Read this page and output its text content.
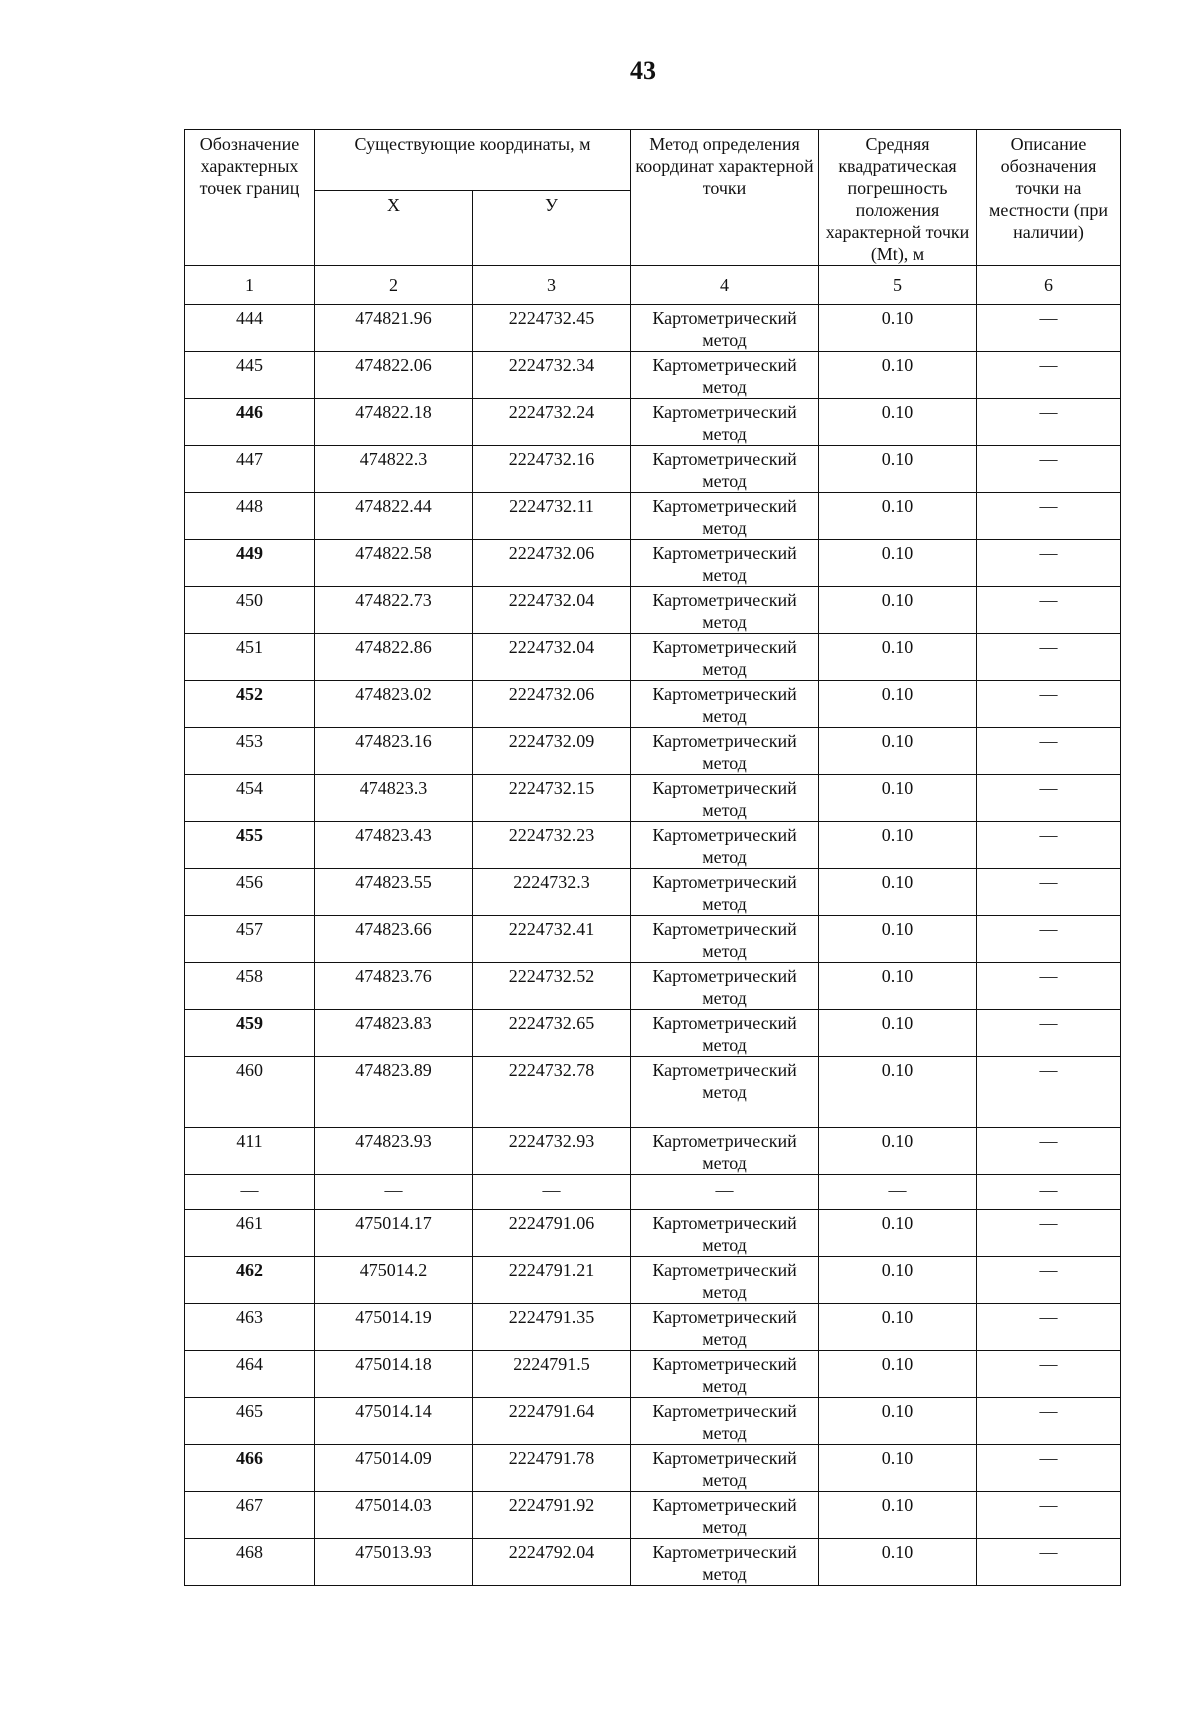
43
Обозначение характерных точек границ	Существующие координаты, м		Метод определения координат характерной точки	Средняя квадратическая погрешность положения характерной точки (Mt), м	Описание обозначения точки на местности (при наличии)
	X	У			
1	2	3	4	5	6
444	474821.96	2224732.45	Картометрический метод	0.10	—
445	474822.06	2224732.34	Картометрический метод	0.10	—
446	474822.18	2224732.24	Картометрический метод	0.10	—
447	474822.3	2224732.16	Картометрический метод	0.10	—
448	474822.44	2224732.11	Картометрический метод	0.10	—
449	474822.58	2224732.06	Картометрический метод	0.10	—
450	474822.73	2224732.04	Картометрический метод	0.10	—
451	474822.86	2224732.04	Картометрический метод	0.10	—
452	474823.02	2224732.06	Картометрический метод	0.10	—
453	474823.16	2224732.09	Картометрический метод	0.10	—
454	474823.3	2224732.15	Картометрический метод	0.10	—
455	474823.43	2224732.23	Картометрический метод	0.10	—
456	474823.55	2224732.3	Картометрический метод	0.10	—
457	474823.66	2224732.41	Картометрический метод	0.10	—
458	474823.76	2224732.52	Картометрический метод	0.10	—
459	474823.83	2224732.65	Картометрический метод	0.10	—
460	474823.89	2224732.78	Картометрический метод	0.10	—
411	474823.93	2224732.93	Картометрический метод	0.10	—
—	—	—	—	—	—
461	475014.17	2224791.06	Картометрический метод	0.10	—
462	475014.2	2224791.21	Картометрический метод	0.10	—
463	475014.19	2224791.35	Картометрический метод	0.10	—
464	475014.18	2224791.5	Картометрический метод	0.10	—
465	475014.14	2224791.64	Картометрический метод	0.10	—
466	475014.09	2224791.78	Картометрический метод	0.10	—
467	475014.03	2224791.92	Картометрический метод	0.10	—
468	475013.93	2224792.04	Картометрический метод	0.10	—
